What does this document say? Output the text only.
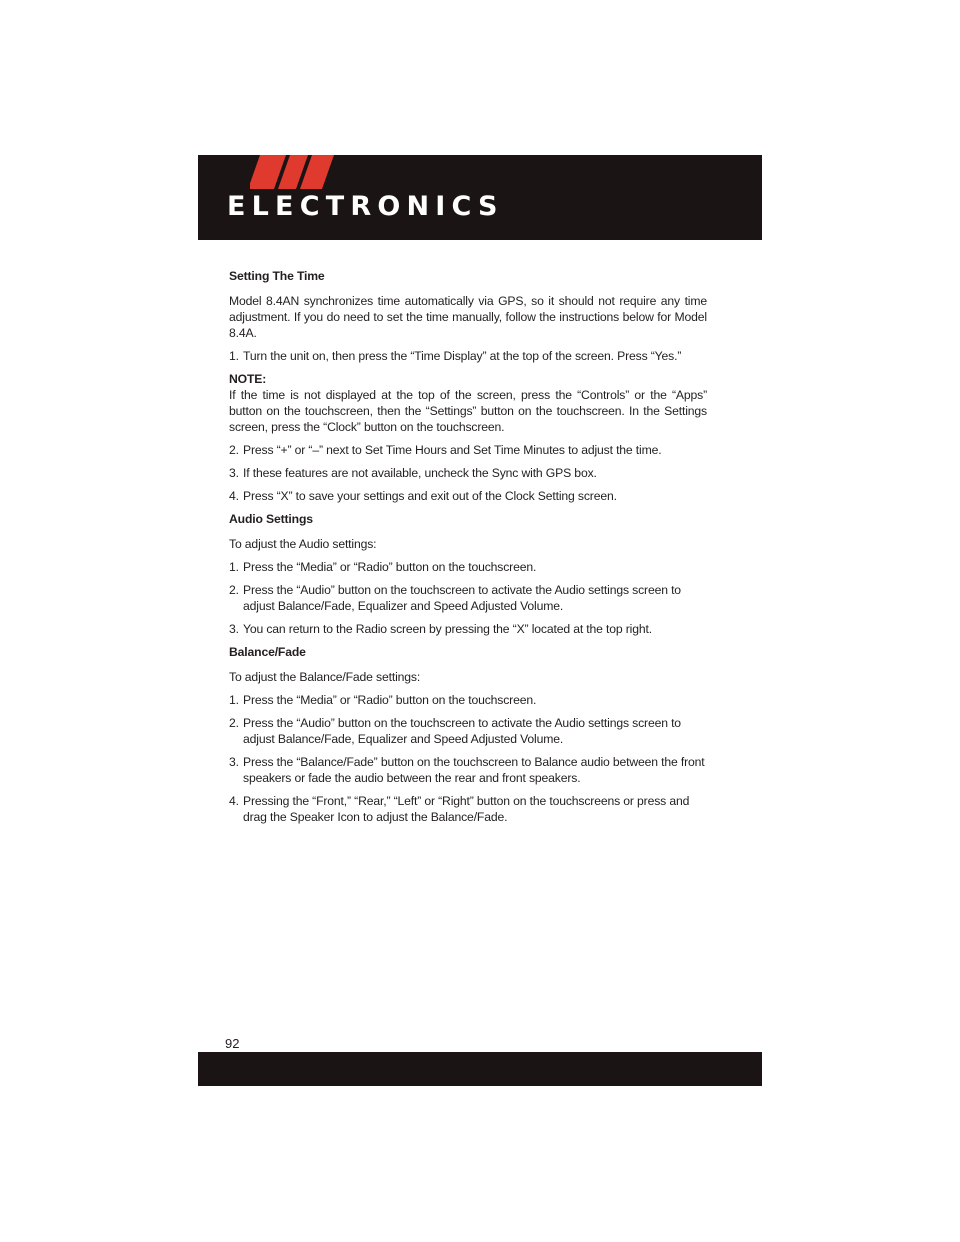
ELECTRONICS

Setting The Time

Model 8.4AN synchronizes time automatically via GPS, so it should not require any time adjustment. If you do need to set the time manually, follow the instructions below for Model 8.4A.

1. Turn the unit on, then press the “Time Display” at the top of the screen. Press “Yes.”

NOTE:

If the time is not displayed at the top of the screen, press the “Controls” or the “Apps” button on the touchscreen, then the “Settings” button on the touchscreen. In the Settings screen, press the “Clock” button on the touchscreen.

2. Press “+” or “–” next to Set Time Hours and Set Time Minutes to adjust the time.
3. If these features are not available, uncheck the Sync with GPS box.
4. Press “X” to save your settings and exit out of the Clock Setting screen.

Audio Settings

To adjust the Audio settings:

1. Press the “Media” or “Radio” button on the touchscreen.
2. Press the “Audio” button on the touchscreen to activate the Audio settings screen to adjust Balance/Fade, Equalizer and Speed Adjusted Volume.
3. You can return to the Radio screen by pressing the “X” located at the top right.

Balance/Fade

To adjust the Balance/Fade settings:

1. Press the “Media” or “Radio” button on the touchscreen.
2. Press the “Audio” button on the touchscreen to activate the Audio settings screen to adjust Balance/Fade, Equalizer and Speed Adjusted Volume.
3. Press the “Balance/Fade” button on the touchscreen to Balance audio between the front speakers or fade the audio between the rear and front speakers.
4. Pressing the “Front,” “Rear,” “Left” or “Right” button on the touchscreens or press and drag the Speaker Icon to adjust the Balance/Fade.
92
